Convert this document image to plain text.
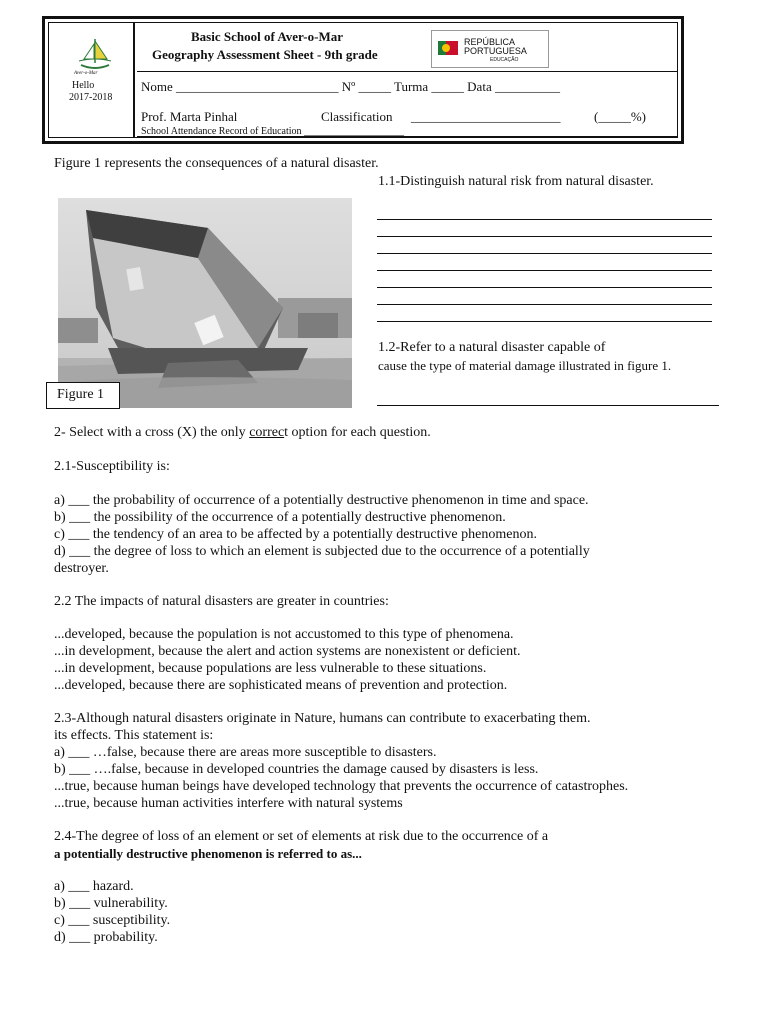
Aver-o-Mar
Hello
2017-2018
Basic School of Aver-o-Mar
Geography Assessment Sheet - 9th grade
REPÚBLICA
PORTUGUESA
EDUCAÇÃO
Nome _________________________ Nº _____ Turma _____ Data __________
Prof. Marta Pinhal	Classification _______________________	(_____%)
School Attendance Record of Education ____________________
Figure 1 represents the consequences of a natural disaster.
Figure 1
1.1-Distinguish natural risk from natural disaster.
1.2-Refer to a natural disaster capable of
cause the type of material damage illustrated in figure 1.
2- Select with a cross (X) the only correct option for each question.
2.1-Susceptibility is:
a) ___ the probability of occurrence of a potentially destructive phenomenon in time and space.
b) ___ the possibility of the occurrence of a potentially destructive phenomenon.
c) ___ the tendency of an area to be affected by a potentially destructive phenomenon.
d) ___ the degree of loss to which an element is subjected due to the occurrence of a potentially
destroyer.
2.2 The impacts of natural disasters are greater in countries:
...developed, because the population is not accustomed to this type of phenomena.
...in development, because the alert and action systems are nonexistent or deficient.
...in development, because populations are less vulnerable to these situations.
...developed, because there are sophisticated means of prevention and protection.
2.3-Although natural disasters originate in Nature, humans can contribute to exacerbating them.
its effects. This statement is:
a) ___ …false, because there are areas more susceptible to disasters.
b) ___ ….false, because in developed countries the damage caused by disasters is less.
...true, because human beings have developed technology that prevents the occurrence of catastrophes.
...true, because human activities interfere with natural systems
2.4-The degree of loss of an element or set of elements at risk due to the occurrence of a
a potentially destructive phenomenon is referred to as...
a) ___ hazard.
b) ___ vulnerability.
c) ___ susceptibility.
d) ___ probability.
